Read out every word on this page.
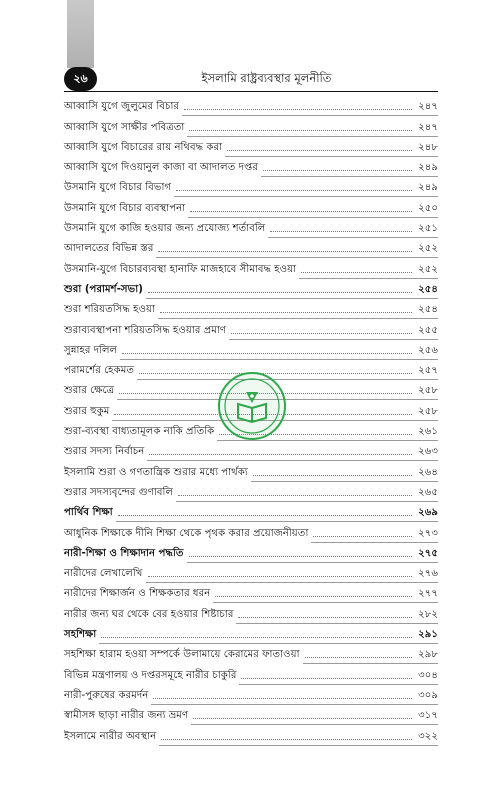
২৬	ইসলামি রাষ্ট্রব্যবস্থার মূলনীতি
আব্বাসি যুগে জুলুমের বিচার	২৪৭
আব্বাসি যুগে সাক্ষীর পবিত্রতা	২৪৭
আব্বাসি যুগে বিচারের রায় নথিবদ্ধ করা	২৪৮
আব্বাসি যুগে দিওয়ানুল কাজা বা আদালত দপ্তর	২৪৯
উসমানি যুগে বিচার বিভাগ	২৪৯
উসমানি যুগে বিচার ব্যবস্থাপনা	২৫০
উসমানি যুগে কাজি হওয়ার জন্য প্রযোজ্য শর্তাবলি	২৫১
আদালতের বিভিন্ন স্তর	২৫২
উসমানি-যুগে বিচারব্যবস্থা হানাফি মাজহাবে সীমাবদ্ধ হওয়া	২৫২
শুরা (পরামর্শ-সভা)	২৫৪
শুরা শরিয়তসিদ্ধ হওয়া	২৫৪
শুরাব্যবস্থাপনা শরিয়তসিদ্ধ হওয়ার প্রমাণ	২৫৫
সুন্নাহর দলিল	২৫৬
পরামর্শের হেকমত	২৫৭
শুরার ক্ষেত্রে	২৫৮
শুরার হুকুম	২৫৮
শুরা-ব্যবস্থা বাধ্যতামূলক নাকি প্রতিকি	২৬১
শুরার সদস্য নির্বাচন	২৬৩
ইসলামি শুরা ও গণতান্ত্রিক শুরার মধ্যে পার্থক্য	২৬৪
শুরার সদস্যবৃন্দের গুণাবলি	২৬৫
পার্থিব শিক্ষা	২৬৯
আধুনিক শিক্ষাকে দীনি শিক্ষা থেকে পৃথক করার প্রয়োজনীয়তা	২৭৩
নারী-শিক্ষা ও শিক্ষাদান পদ্ধতি	২৭৫
নারীদের লেখালেখি	২৭৬
নারীদের শিক্ষার্জন ও শিক্ষকতার ধরন	২৭৭
নারীর জন্য ঘর থেকে বের হওয়ার শিষ্টাচার	২৮২
সহশিক্ষা	২৯১
সহশিক্ষা হারাম হওয়া সম্পর্কে উলামায়ে কেরামের ফাতাওয়া	২৯৮
বিভিন্ন মন্ত্রণালয় ও দপ্তরসমূহে নারীর চাকুরি	৩০৪
নারী-পুরুষের করমর্দন	৩০৯
স্বামীসঙ্গ ছাড়া নারীর জন্য ভ্রমণ	৩১৭
ইসলামে নারীর অবস্থান	৩২২
